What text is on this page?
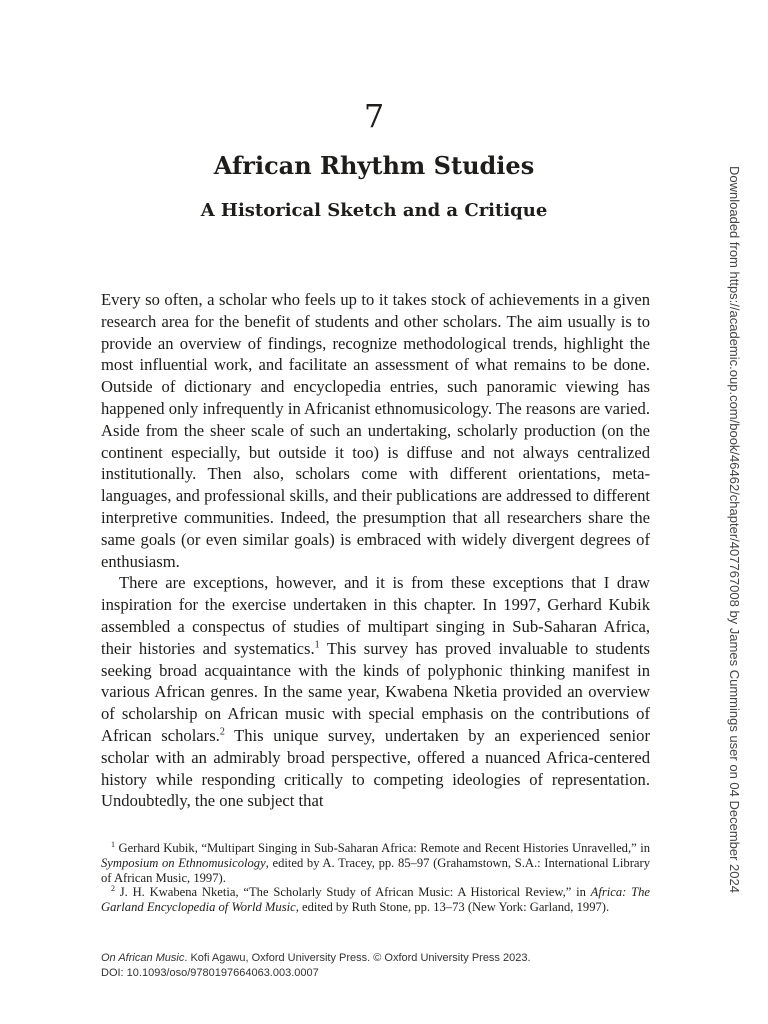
7
African Rhythm Studies
A Historical Sketch and a Critique

Every so often, a scholar who feels up to it takes stock of achievements in a given research area for the benefit of students and other scholars. The aim usually is to provide an overview of findings, recognize methodological trends, highlight the most influential work, and facilitate an assessment of what remains to be done. Outside of dictionary and encyclopedia entries, such panoramic viewing has happened only infrequently in Africanist ethnomusicology. The reasons are varied. Aside from the sheer scale of such an undertaking, scholarly production (on the continent especially, but outside it too) is diffuse and not always centralized institutionally. Then also, scholars come with different orientations, meta-languages, and professional skills, and their publications are addressed to different interpretive communities. Indeed, the presumption that all researchers share the same goals (or even similar goals) is embraced with widely divergent degrees of enthusiasm.

There are exceptions, however, and it is from these exceptions that I draw inspiration for the exercise undertaken in this chapter. In 1997, Gerhard Kubik assembled a conspectus of studies of multipart singing in Sub-Saharan Africa, their histories and systematics.$^1$ This survey has proved invaluable to students seeking broad acquaintance with the kinds of polyphonic thinking manifest in various African genres. In the same year, Kwabena Nketia provided an overview of scholarship on African music with special emphasis on the contributions of African scholars.$^2$ This unique survey, undertaken by an experienced senior scholar with an admirably broad perspective, offered a nuanced Africa-centered history while responding critically to competing ideologies of representation. Undoubtedly, the one subject that

$^1$ Gerhard Kubik, “Multipart Singing in Sub-Saharan Africa: Remote and Recent Histories Unravelled,” in Symposium on Ethnomusicology, edited by A. Tracey, pp. 85–97 (Grahamstown, S.A.: International Library of African Music, 1997).

$^2$ J. H. Kwabena Nketia, “The Scholarly Study of African Music: A Historical Review,” in Africa: The Garland Encyclopedia of World Music, edited by Ruth Stone, pp. 13–73 (New York: Garland, 1997).

On African Music. Kofi Agawu, Oxford University Press. © Oxford University Press 2023.
DOI: 10.1093/oso/9780197664063.003.0007
Downloaded from https://academic.oup.com/book/46462/chapter/407767008 by James Cummings user on 04 December 2024
